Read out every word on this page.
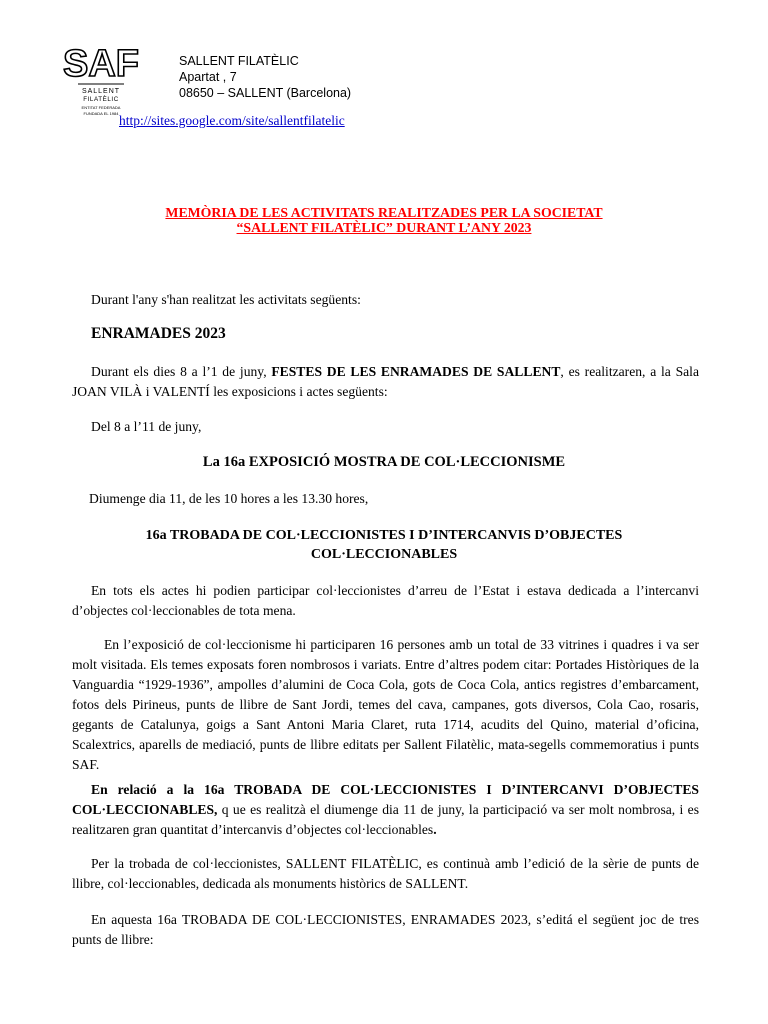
SAF
SALLENT
FILATÈLIC
ENTITAT FEDERADA
FUNDADA EL 1984
SALLENT FILATÈLIC
Apartat , 7
08650 – SALLENT (Barcelona)
http://sites.google.com/site/sallentfilatelic
MEMÒRIA DE LES ACTIVITATS REALITZADES PER LA SOCIETAT
“SALLENT FILATÈLIC” DURANT L’ANY 2023
Durant l'any s'han realitzat les activitats següents:
ENRAMADES 2023
Durant els dies 8 a l’1 de juny, FESTES DE LES ENRAMADES DE SALLENT, es realitzaren, a la Sala JOAN VILÀ i VALENTÍ les exposicions i actes següents:
Del 8 a l’11 de juny,
La 16a EXPOSICIÓ MOSTRA DE COL·LECCIONISME
Diumenge dia 11, de les 10 hores a les 13.30 hores,
16a TROBADA DE COL·LECCIONISTES I D’INTERCANVIS D’OBJECTES
COL·LECCIONABLES
En tots els actes hi podien participar col·leccionistes d’arreu de l’Estat i estava dedicada a l’intercanvi d’objectes col·leccionables de tota mena.
En l’exposició de col·leccionisme hi participaren 16 persones amb un total de 33 vitrines i quadres i va ser molt visitada. Els temes exposats foren nombrosos i variats. Entre d’altres podem citar: Portades Històriques de la Vanguardia “1929-1936”, ampolles d’alumini de Coca Cola, gots de Coca Cola, antics registres d’embarcament, fotos dels Pirineus, punts de llibre de Sant Jordi, temes del cava, campanes, gots diversos, Cola Cao, rosaris, gegants de Catalunya, goigs a Sant Antoni Maria Claret, ruta 1714, acudits del Quino, material d’oficina, Scalextrics, aparells de mediació, punts de llibre editats per Sallent Filatèlic, mata-segells commemoratius i punts SAF.
En relació a la 16a TROBADA DE COL·LECCIONISTES I D’INTERCANVI D’OBJECTES COL·LECCIONABLES, q ue es realitzà el diumenge dia 11 de juny, la participació va ser molt nombrosa, i es realitzaren gran quantitat d’intercanvis d’objectes col·leccionables.
Per la trobada de col·leccionistes, SALLENT FILATÈLIC, es continuà amb l’edició de la sèrie de punts de llibre, col·leccionables, dedicada als monuments històrics de SALLENT.
En aquesta 16a TROBADA DE COL·LECCIONISTES, ENRAMADES 2023, s’editá el següent joc de tres punts de llibre:
